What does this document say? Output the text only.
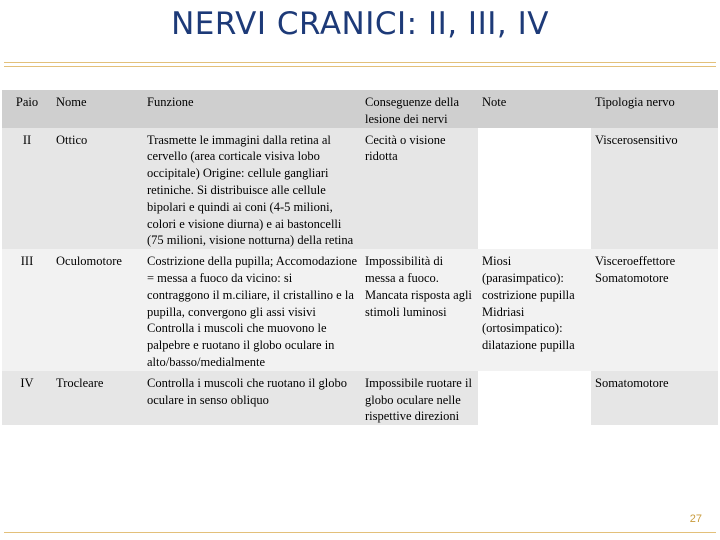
NERVI CRANICI: II, III, IV
Paio	Nome	Funzione	Conseguenze della lesione dei nervi	Note	Tipologia nervo
II	Ottico	Trasmette le immagini dalla retina al cervello (area corticale visiva lobo occipitale) Origine: cellule gangliari retiniche. Si distribuisce alle cellule bipolari e quindi ai coni (4-5 milioni, colori e visione diurna) e ai bastoncelli (75 milioni, visione notturna) della retina	Cecità o visione ridotta		Viscerosensitivo
III	Oculomotore	Costrizione della pupilla; Accomodazione = messa a fuoco da vicino: si contraggono il m.ciliare, il cristallino e la pupilla, convergono gli assi visivi Controlla i muscoli che muovono le palpebre e ruotano il globo oculare in alto/basso/medialmente	Impossibilità di messa a fuoco. Mancata risposta agli stimoli luminosi	Miosi (parasimpatico): costrizione pupilla Midriasi (ortosimpatico): dilatazione pupilla	Visceroeffettore Somatomotore
IV	Trocleare	Controlla i muscoli che ruotano il globo oculare in senso obliquo	Impossibile ruotare il globo oculare nelle rispettive direzioni		Somatomotore
27
